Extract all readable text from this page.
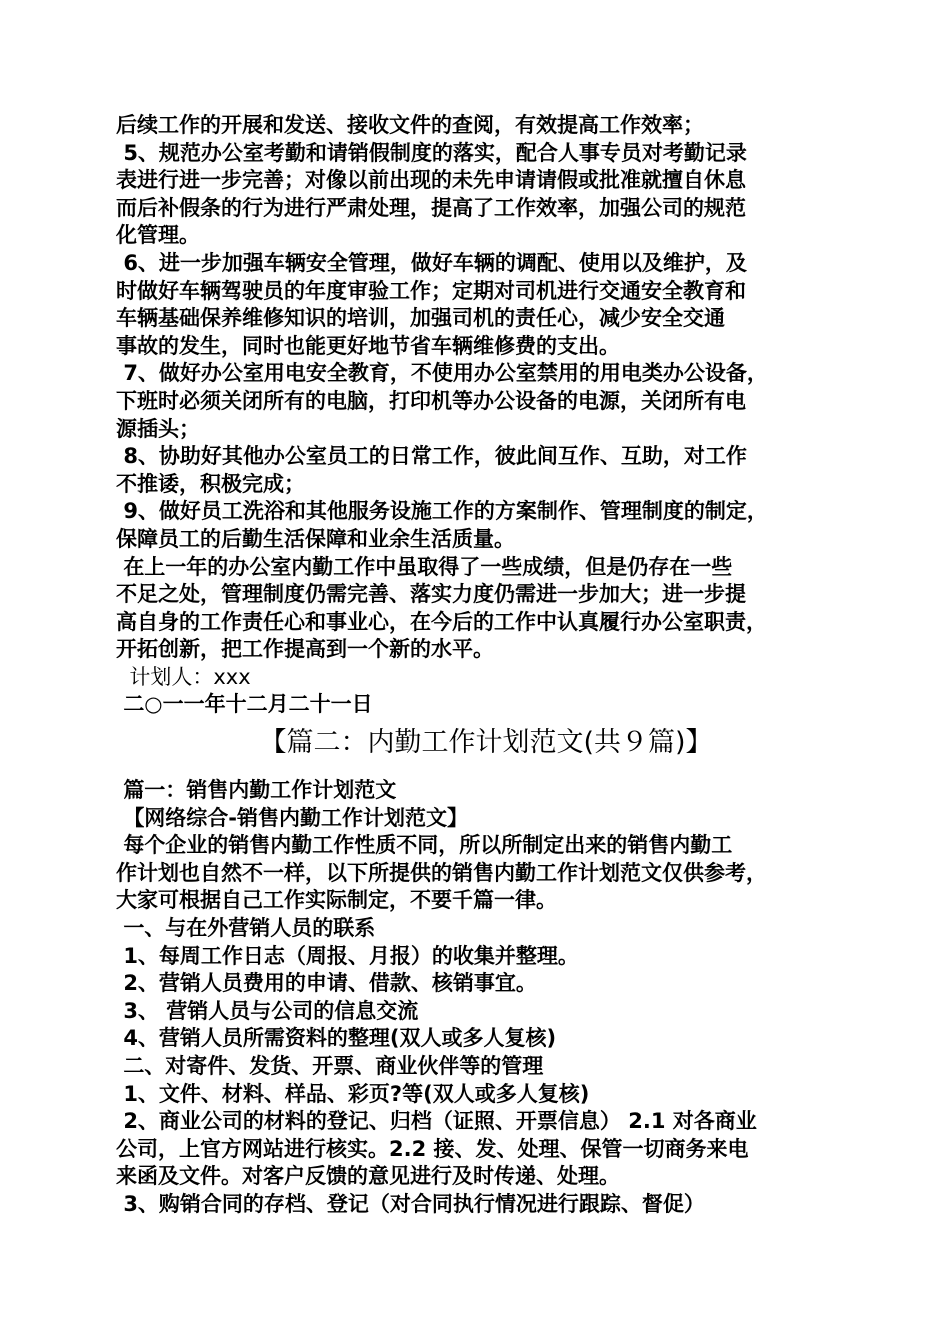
后续工作的开展和发送、接收文件的查阅，有效提高工作效率；

5、规范办公室考勤和请销假制度的落实，配合人事专员对考勤记录

表进行进一步完善；对像以前出现的未先申请请假或批准就擅自休息

而后补假条的行为进行严肃处理，提高了工作效率，加强公司的规范

化管理。

6、进一步加强车辆安全管理，做好车辆的调配、使用以及维护，及

时做好车辆驾驶员的年度审验工作；定期对司机进行交通安全教育和

车辆基础保养维修知识的培训，加强司机的责任心，减少安全交通

事故的发生，同时也能更好地节省车辆维修费的支出。

7、做好办公室用电安全教育，不使用办公室禁用的用电类办公设备，

下班时必须关闭所有的电脑，打印机等办公设备的电源，关闭所有电

源插头；

8、协助好其他办公室员工的日常工作，彼此间互作、互助，对工作

不推诿，积极完成；

9、做好员工洗浴和其他服务设施工作的方案制作、管理制度的制定，

保障员工的后勤生活保障和业余生活质量。

在上一年的办公室内勤工作中虽取得了一些成绩，但是仍存在一些

不足之处，管理制度仍需完善、落实力度仍需进一步加大；进一步提

高自身的工作责任心和事业心，在今后的工作中认真履行办公室职责，

开拓创新，把工作提高到一个新的水平。

计划人：xxx

二○一一年十二月二十一日

【篇二：内勤工作计划范文(共９篇)】

篇一：销售内勤工作计划范文

【网络综合-销售内勤工作计划范文】

每个企业的销售内勤工作性质不同，所以所制定出来的销售内勤工

作计划也自然不一样，以下所提供的销售内勤工作计划范文仅供参考，

大家可根据自己工作实际制定，不要千篇一律。

一、与在外营销人员的联系

1、每周工作日志（周报、月报）的收集并整理。

2、营销人员费用的申请、借款、核销事宜。

3、 营销人员与公司的信息交流

4、营销人员所需资料的整理(双人或多人复核)

二、对寄件、发货、开票、商业伙伴等的管理

1、文件、材料、样品、彩页?等(双人或多人复核)

2、商业公司的材料的登记、归档（证照、开票信息） 2.1 对各商业

公司，上官方网站进行核实。2.2 接、发、处理、保管一切商务来电

来函及文件。对客户反馈的意见进行及时传递、处理。

3、购销合同的存档、登记（对合同执行情况进行跟踪、督促）
